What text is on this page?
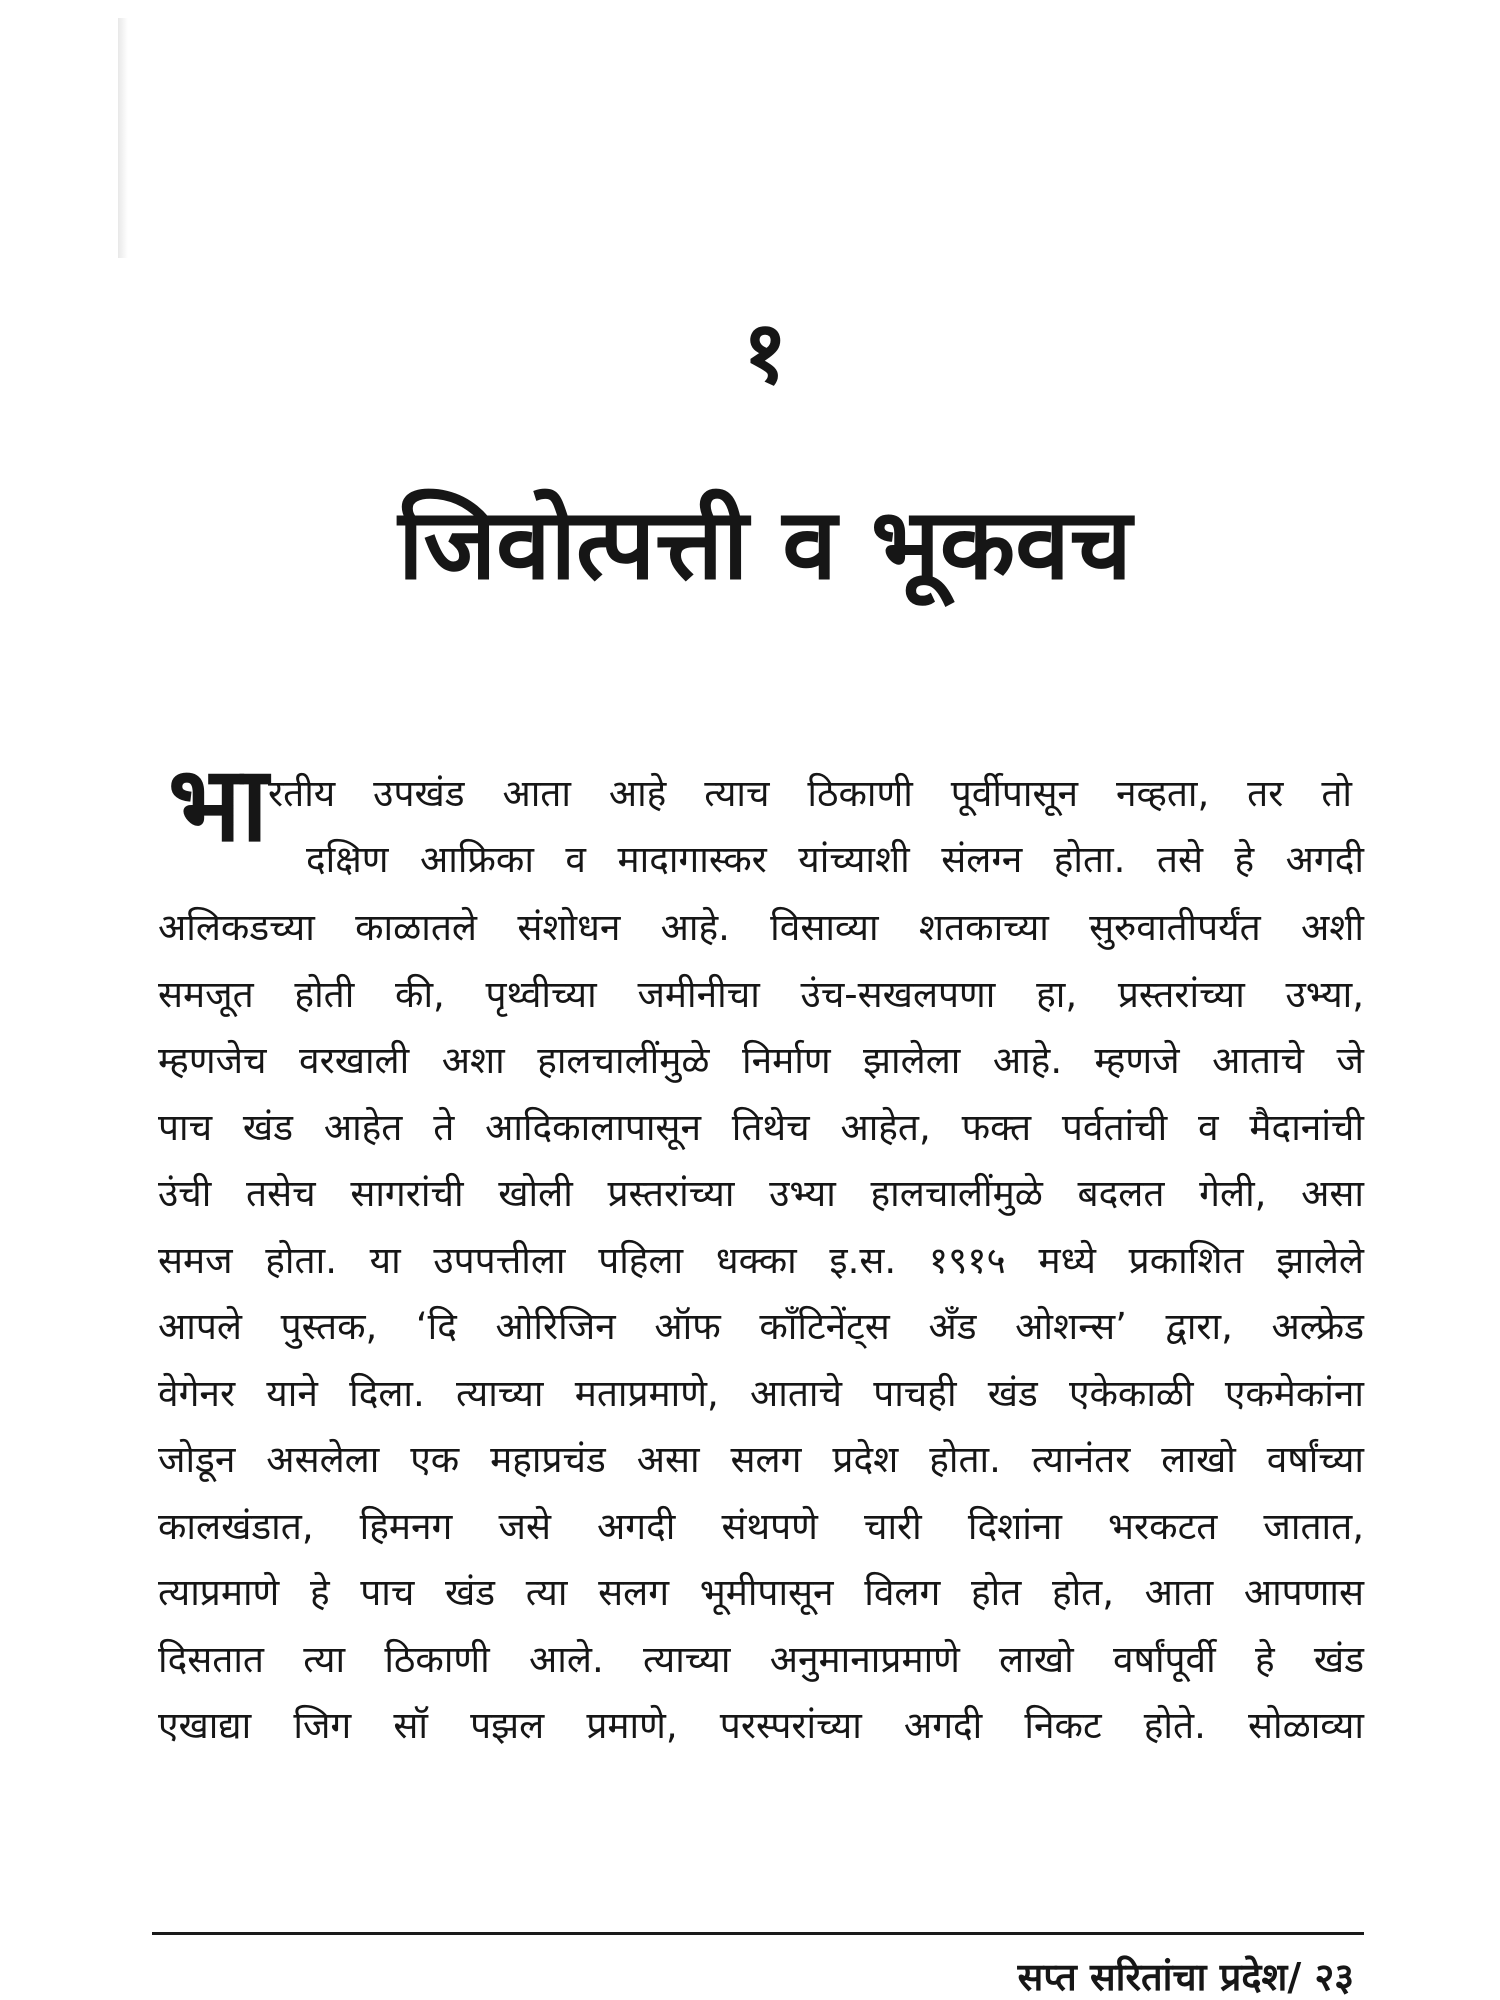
१
जिवोत्पत्ती व भूकवच
भा रतीय उपखंड आता आहे त्याच ठिकाणी पूर्वीपासून नव्हता, तर तो
दक्षिण आफ्रिका व मादागास्कर यांच्याशी संलग्न होता. तसे हे अगदी
अलिकडच्या काळातले संशोधन आहे. विसाव्या शतकाच्या सुरुवातीपर्यंत अशी
समजूत होती की, पृथ्वीच्या जमीनीचा उंच-सखलपणा हा, प्रस्तरांच्या उभ्या,
म्हणजेच वरखाली अशा हालचालींमुळे निर्माण झालेला आहे. म्हणजे आताचे जे
पाच खंड आहेत ते आदिकालापासून तिथेच आहेत, फक्त पर्वतांची व मैदानांची
उंची तसेच सागरांची खोली प्रस्तरांच्या उभ्या हालचालींमुळे बदलत गेली, असा
समज होता. या उपपत्तीला पहिला धक्का इ.स. १९१५ मध्ये प्रकाशित झालेले
आपले पुस्तक, ‘दि ओरिजिन ऑफ कॉंटिनेंट्स अँड ओशन्स’ द्वारा, अल्फ्रेड
वेगेनर याने दिला. त्याच्या मताप्रमाणे, आताचे पाचही खंड एकेकाळी एकमेकांना
जोडून असलेला एक महाप्रचंड असा सलग प्रदेश होता. त्यानंतर लाखो वर्षांच्या
कालखंडात, हिमनग जसे अगदी संथपणे चारी दिशांना भरकटत जातात,
त्याप्रमाणे हे पाच खंड त्या सलग भूमीपासून विलग होत होत, आता आपणास
दिसतात त्या ठिकाणी आले. त्याच्या अनुमानाप्रमाणे लाखो वर्षांपूर्वी हे खंड
एखाद्या जिग सॉ पझल प्रमाणे, परस्परांच्या अगदी निकट होते. सोळाव्या
सप्त सरितांचा प्रदेश/ २३
